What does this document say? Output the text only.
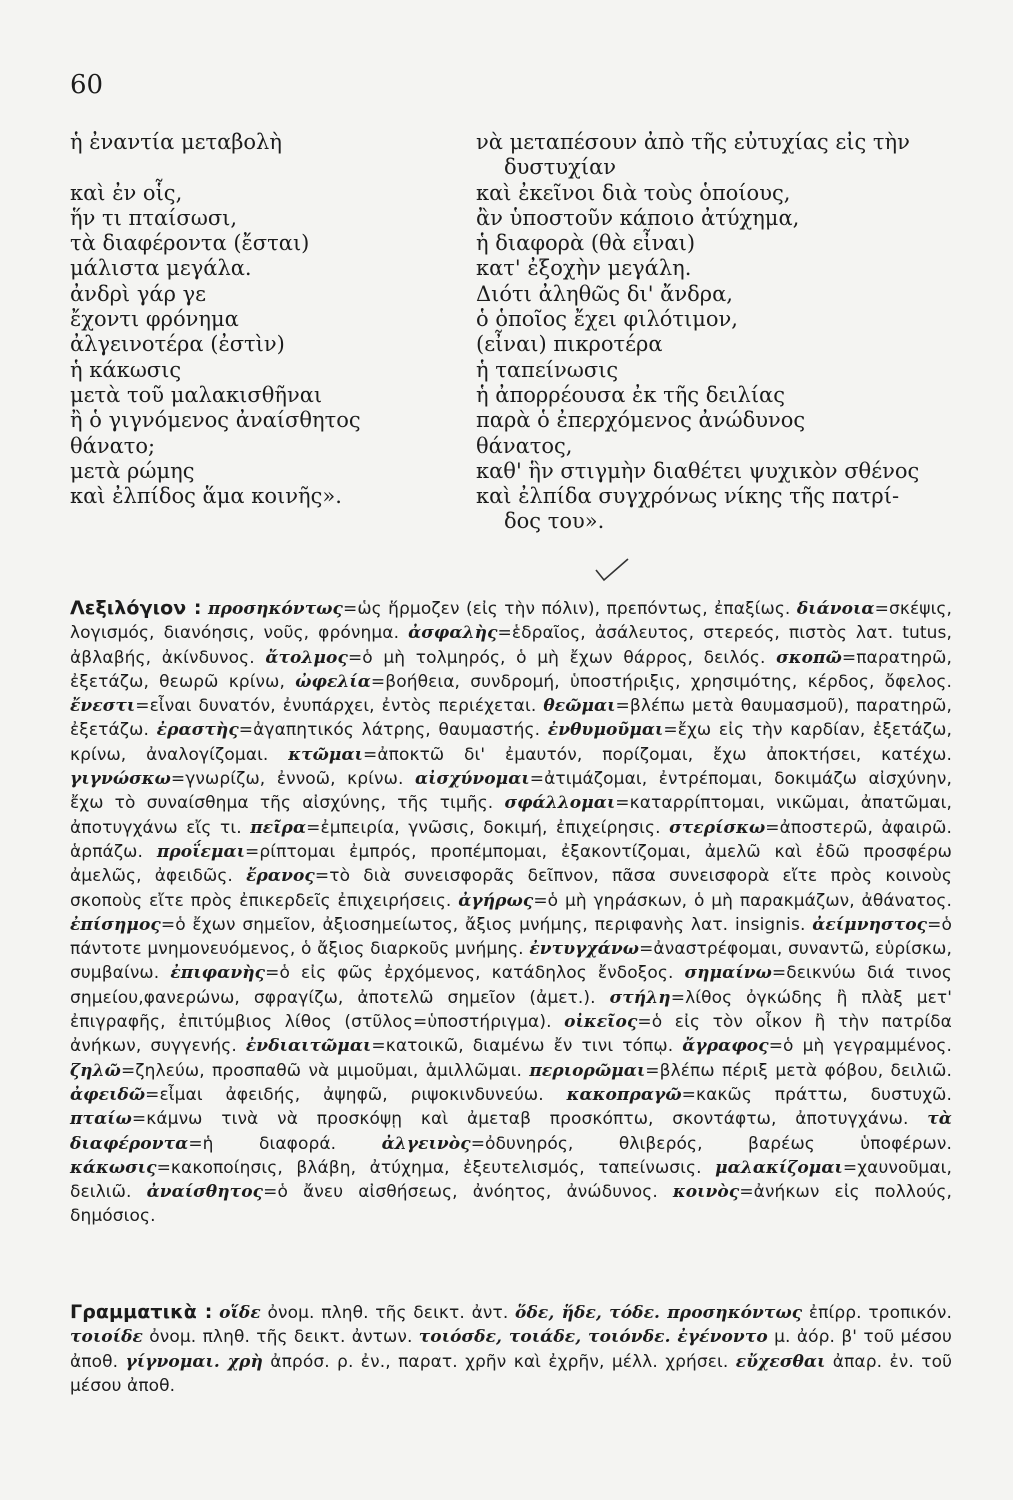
60
ἡ ἐναντία μεταβολὴ
καὶ ἐν οἷς,
ἥν τι πταίσωσι,
τὰ διαφέροντα (ἔσται)
μάλιστα μεγάλα.
ἀνδρὶ γάρ γε
ἔχοντι φρόνημα
ἀλγεινοτέρα (ἐστὶν)
ἡ κάκωσις
μετὰ τοῦ μαλακισθῆναι
ἢ ὁ γιγνόμενος ἀναίσθητος
θάνατο;
μετὰ ρώμης
καὶ ἐλπίδος ἅμα κοινῆς».
νὰ μεταπέσουν ἀπὸ τῆς εὐτυχίας εἰς τὴν
δυστυχίαν
καὶ ἐκεῖνοι διὰ τοὺς ὁποίους,
ἂν ὑποστοῦν κάποιο ἀτύχημα,
ἡ διαφορὰ (θὰ εἶναι)
κατ' ἐξοχὴν μεγάλη.
Διότι ἀληθῶς δι' ἄνδρα,
ὁ ὁποῖος ἔχει φιλότιμον,
(εἶναι) πικροτέρα
ἡ ταπείνωσις
ἡ ἀπορρέουσα ἐκ τῆς δειλίας
παρὰ ὁ ἐπερχόμενος ἀνώδυνος
θάνατος,
καθ' ἣν στιγμὴν διαθέτει ψυχικὸν σθένος
καὶ ἐλπίδα συγχρόνως νίκης τῆς πατρί-
δος του».
Λεξιλόγιον : προσηκόντως=ὡς ἥρμοζεν (εἰς τὴν πόλιν), πρεπόντως, ἐπαξίως. διάνοια=σκέψις, λογισμός, διανόησις, νοῦς, φρόνημα. ἀσφαλὴς=ἑδραῖος, ἀσάλευτος, στερεός, πιστὸς λατ. tutus, ἀβλαβής, ἀκίνδυνος. ἄτολμος=ὁ μὴ τολμηρός, ὁ μὴ ἔχων θάρρος, δειλός. σκοπῶ=παρατηρῶ, ἐξετάζω, θεωρῶ κρίνω, ὠφελία=βοήθεια, συνδρομή, ὑποστήριξις, χρησιμότης, κέρδος, ὄφελος. ἔνεστι=εἶναι δυνατόν, ἐνυπάρχει, ἐντὸς περιέχεται. θεῶμαι=βλέπω μετὰ θαυμασμοῦ), παρατηρῶ, ἐξετάζω. ἐραστὴς=ἀγαπητικός λάτρης, θαυμαστής. ἐνθυμοῦμαι=ἔχω εἰς τὴν καρδίαν, ἐξετάζω, κρίνω, ἀναλογίζομαι. κτῶμαι=ἀποκτῶ δι' ἐμαυτόν, πορίζομαι, ἔχω ἀποκτήσει, κατέχω. γιγνώσκω=γνωρίζω, ἐννοῶ, κρίνω. αἰσχύνομαι=ἀτιμάζομαι, ἐντρέπομαι, δοκιμάζω αἰσχύνην, ἔχω τὸ συναίσθημα τῆς αἰσχύνης, τῆς τιμῆς. σφάλλομαι=καταρρίπτομαι, νικῶμαι, ἀπατῶμαι, ἀποτυγχάνω εἴς τι. πεῖρα=ἐμπειρία, γνῶσις, δοκιμή, ἐπιχείρησις. στερίσκω=ἀποστερῶ, ἀφαιρῶ. ἁρπάζω. προΐεμαι=ρίπτομαι ἐμπρός, προπέμπομαι, ἐξακοντίζομαι, ἀμελῶ καὶ ἐδῶ προσφέρω ἀμελῶς, ἀφειδῶς. ἔρανος=τὸ διὰ συνεισφορᾶς δεῖπνον, πᾶσα συνεισφορὰ εἴτε πρὸς κοινοὺς σκοποὺς εἴτε πρὸς ἐπικερδεῖς ἐπιχειρήσεις. ἀγήρως=ὁ μὴ γηράσκων, ὁ μὴ παρακμάζων, ἀθάνατος. ἐπίσημος=ὁ ἔχων σημεῖον, ἀξιοσημείωτος, ἄξιος μνήμης, περιφανὴς λατ. insignis. ἀείμνηστος=ὁ πάντοτε μνημονευόμενος, ὁ ἄξιος διαρκοῦς μνήμης. ἐντυγχάνω=ἀναστρέφομαι, συναντῶ, εὑρίσκω, συμβαίνω. ἐπιφανὴς=ὁ εἰς φῶς ἐρχόμενος, κατάδηλος ἔνδοξος. σημαίνω=δεικνύω διά τινος σημείου,φανερώνω, σφραγίζω, ἀποτελῶ σημεῖον (ἀμετ.). στήλη=λίθος ὀγκώδης ἢ πλὰξ μετ' ἐπιγραφῆς, ἐπιτύμβιος λίθος (στῦλος=ὑποστήριγμα). οἰκεῖος=ὁ εἰς τὸν οἶκον ἢ τὴν πατρίδα ἀνήκων, συγγενής. ἐνδιαιτῶμαι=κατοικῶ, διαμένω ἔν τινι τόπῳ. ἄγραφος=ὁ μὴ γεγραμμένος. ζηλῶ=ζηλεύω, προσπαθῶ νὰ μιμοῦμαι, ἁμιλλῶμαι. περιορῶμαι=βλέπω πέριξ μετὰ φόβου, δειλιῶ. ἀφειδῶ=εἶμαι ἀφειδής, ἀψηφῶ, ριψοκινδυνεύω. κακοπραγῶ=κακῶς πράττω, δυστυχῶ. πταίω=κάμνω τινὰ νὰ προσκόψῃ καὶ ἀμεταβ προσκόπτω, σκοντάφτω, ἀποτυγχάνω. τὰ διαφέροντα=ἡ διαφορά.	ἀλγεινὸς=ὀδυνηρός, θλιβερός, βαρέως ὑποφέρων. κάκωσις=κακοποίησις, βλάβη, ἀτύχημα, ἐξευτελισμός, ταπείνωσις. μαλακίζομαι=χαυνοῦμαι, δειλιῶ. ἀναίσθητος=ὁ ἄνευ αἰσθήσεως, ἀνόητος, ἀνώδυνος. κοινὸς=ἀνήκων εἰς πολλούς, δημόσιος.
Γραμματικὰ : οἵδε ὀνομ. πληθ. τῆς δεικτ. ἀντ. ὅδε, ἥδε, τόδε. προσηκόντως ἐπίρρ. τροπικόν. τοιοίδε ὀνομ. πληθ. τῆς δεικτ. ἀντων. τοιόσδε, τοιάδε, τοιόνδε. ἐγένοντο μ. ἀόρ. β' τοῦ μέσου ἀποθ. γίγνομαι. χρὴ ἀπρόσ. ρ. ἐν., παρατ. χρῆν καὶ ἐχρῆν, μέλλ. χρήσει. εὔχεσθαι ἀπαρ. ἐν. τοῦ μέσου ἀποθ.
